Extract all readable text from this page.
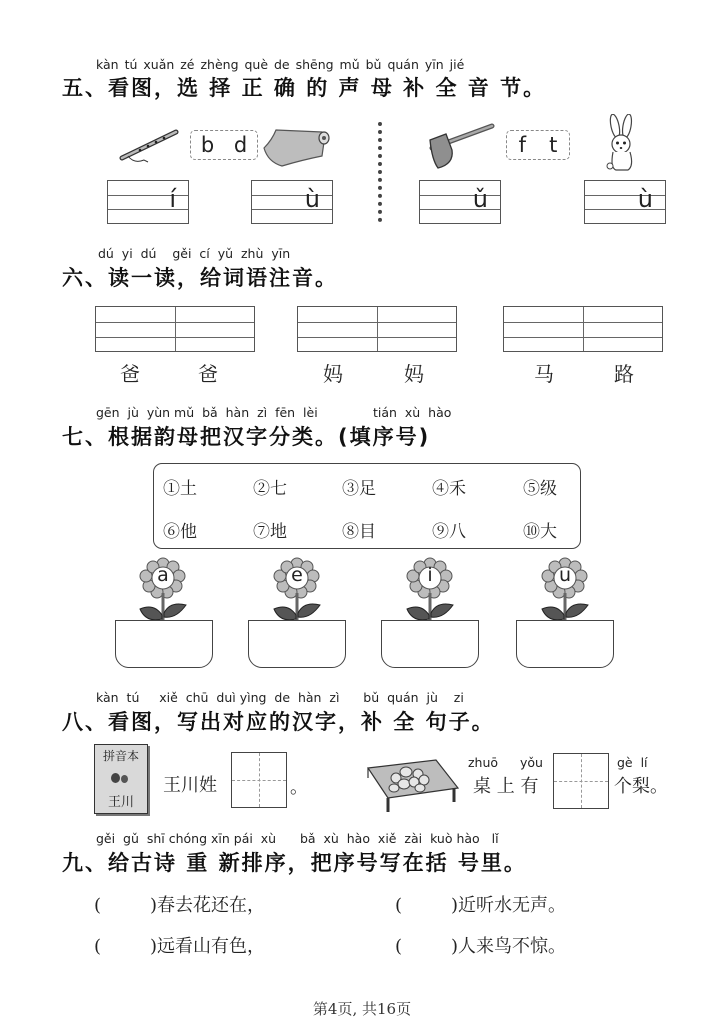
kàn tú xuǎn zé zhèng què de shēng mǔ bǔ quán yīn jié
五、看图，选 择 正 确 的 声 母 补 全 音 节。
b d
í	ù
f t
ǔ	ù
dú  yi  dú    gěi  cí  yǔ  zhù  yīn
六、读一读，给词语注音。
爸	爸	妈	妈	马	路
gēn  jù  yùn mǔ  bǎ  hàn  zì  fēn  lèi	tián  xù  hào
七、根据韵母把汉字分类。(填序号)
①土	②七	③足	④禾	⑤级
⑥他	⑦地	⑧目	⑨八	⑩大
a	e	i	u
kàn  tú     xiě  chū  duì yìng  de  hàn  zì      bǔ  quán  jù    zi
八、看图，写出对应的汉字，补 全 句子。
拼音本
王川
王川姓	。
zhuō yǒu
桌 上 有
gè  lí
个梨。
gěi  gǔ  shī chóng xīn pái  xù      bǎ  xù  hào  xiě  zài  kuò hào   lǐ
九、给古诗 重 新排序，把序号写在括 号里。
(	)春去花还在，	(	)近听水无声。
(	)远看山有色，	(	)人来鸟不惊。
第4页, 共16页
